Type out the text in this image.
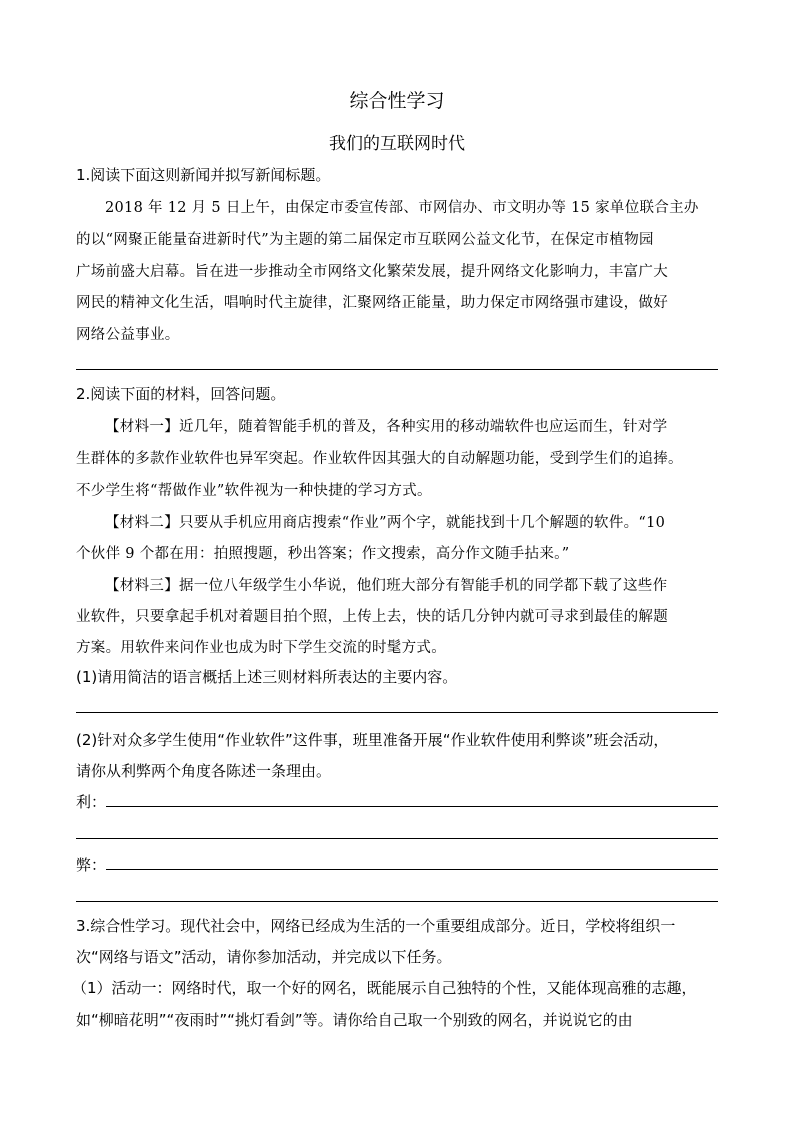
综合性学习
我们的互联网时代
1.阅读下面这则新闻并拟写新闻标题。
2018 年 12 月 5 日上午，由保定市委宣传部、市网信办、市文明办等 15 家单位联合主办
的以“网聚正能量奋进新时代”为主题的第二届保定市互联网公益文化节，在保定市植物园
广场前盛大启幕。旨在进一步推动全市网络文化繁荣发展，提升网络文化影响力，丰富广大
网民的精神文化生活，唱响时代主旋律，汇聚网络正能量，助力保定市网络强市建设，做好
网络公益事业。
2.阅读下面的材料，回答问题。
【材料一】近几年，随着智能手机的普及，各种实用的移动端软件也应运而生，针对学
生群体的多款作业软件也异军突起。作业软件因其强大的自动解题功能，受到学生们的追捧。
不少学生将“帮做作业”软件视为一种快捷的学习方式。
【材料二】只要从手机应用商店搜索“作业”两个字，就能找到十几个解题的软件。“10
个伙伴 9 个都在用：拍照搜题，秒出答案；作文搜索，高分作文随手拈来。”
【材料三】据一位八年级学生小华说，他们班大部分有智能手机的同学都下载了这些作
业软件，只要拿起手机对着题目拍个照，上传上去，快的话几分钟内就可寻求到最佳的解题
方案。用软件来问作业也成为时下学生交流的时髦方式。
(1)请用简洁的语言概括上述三则材料所表达的主要内容。
(2)针对众多学生使用“作业软件”这件事，班里准备开展“作业软件使用利弊谈”班会活动，
请你从利弊两个角度各陈述一条理由。
利：
弊：
3.综合性学习。现代社会中，网络已经成为生活的一个重要组成部分。近日，学校将组织一
次“网络与语文”活动，请你参加活动，并完成以下任务。
（1）活动一：网络时代，取一个好的网名，既能展示自己独特的个性，又能体现高雅的志趣，
如“柳暗花明”“夜雨时”“挑灯看剑”等。请你给自己取一个别致的网名，并说说它的由
